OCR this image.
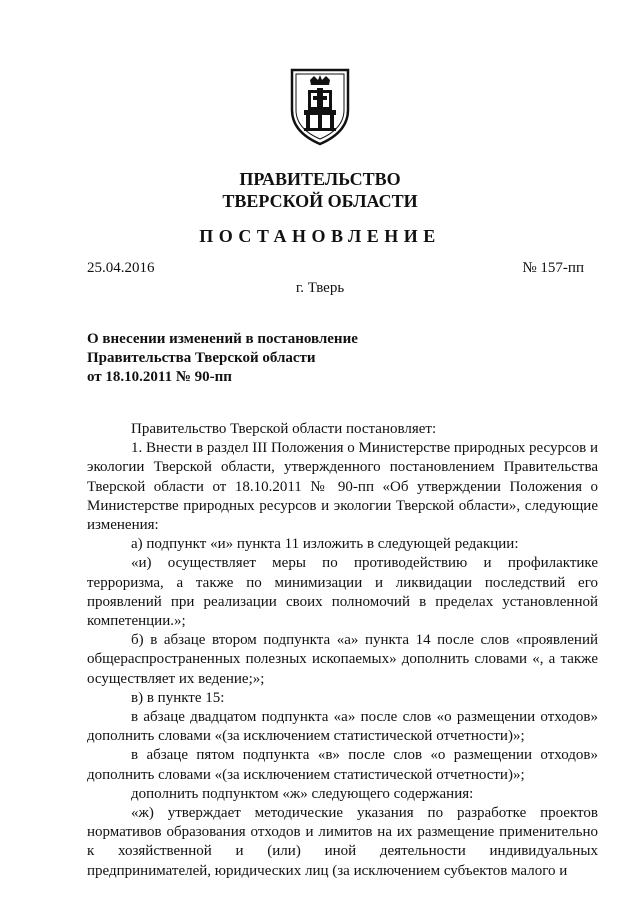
ПРАВИТЕЛЬСТВО
ТВЕРСКОЙ ОБЛАСТИ
ПОСТАНОВЛЕНИЕ
25.04.2016	№ 157-пп
г. Тверь
О внесении изменений в постановление
Правительства Тверской области
от 18.10.2011 № 90-пп

Правительство Тверской области постановляет:

1. Внести в раздел III Положения о Министерстве природных ресурсов и экологии Тверской области, утвержденного постановлением Правительства Тверской области от 18.10.2011 № 90-пп «Об утверждении Положения о Министерстве природных ресурсов и экологии Тверской области», следующие изменения:

а) подпункт «и» пункта 11 изложить в следующей редакции:

«и) осуществляет меры по противодействию и профилактике терроризма, а также по минимизации и ликвидации последствий его проявлений при реализации своих полномочий в пределах установленной компетенции.»;

б) в абзаце втором подпункта «а» пункта 14 после слов «проявлений общераспространенных полезных ископаемых» дополнить словами «, а также осуществляет их ведение;»;

в) в пункте 15:

в абзаце двадцатом подпункта «а» после слов «о размещении отходов» дополнить словами «(за исключением статистической отчетности)»;

в абзаце пятом подпункта «в» после слов «о размещении отходов» дополнить словами «(за исключением статистической отчетности)»;

дополнить подпунктом «ж» следующего содержания:

«ж) утверждает методические указания по разработке проектов нормативов образования отходов и лимитов на их размещение применительно к хозяйственной и (или) иной деятельности индивидуальных предпринимателей, юридических лиц (за исключением субъектов малого и
